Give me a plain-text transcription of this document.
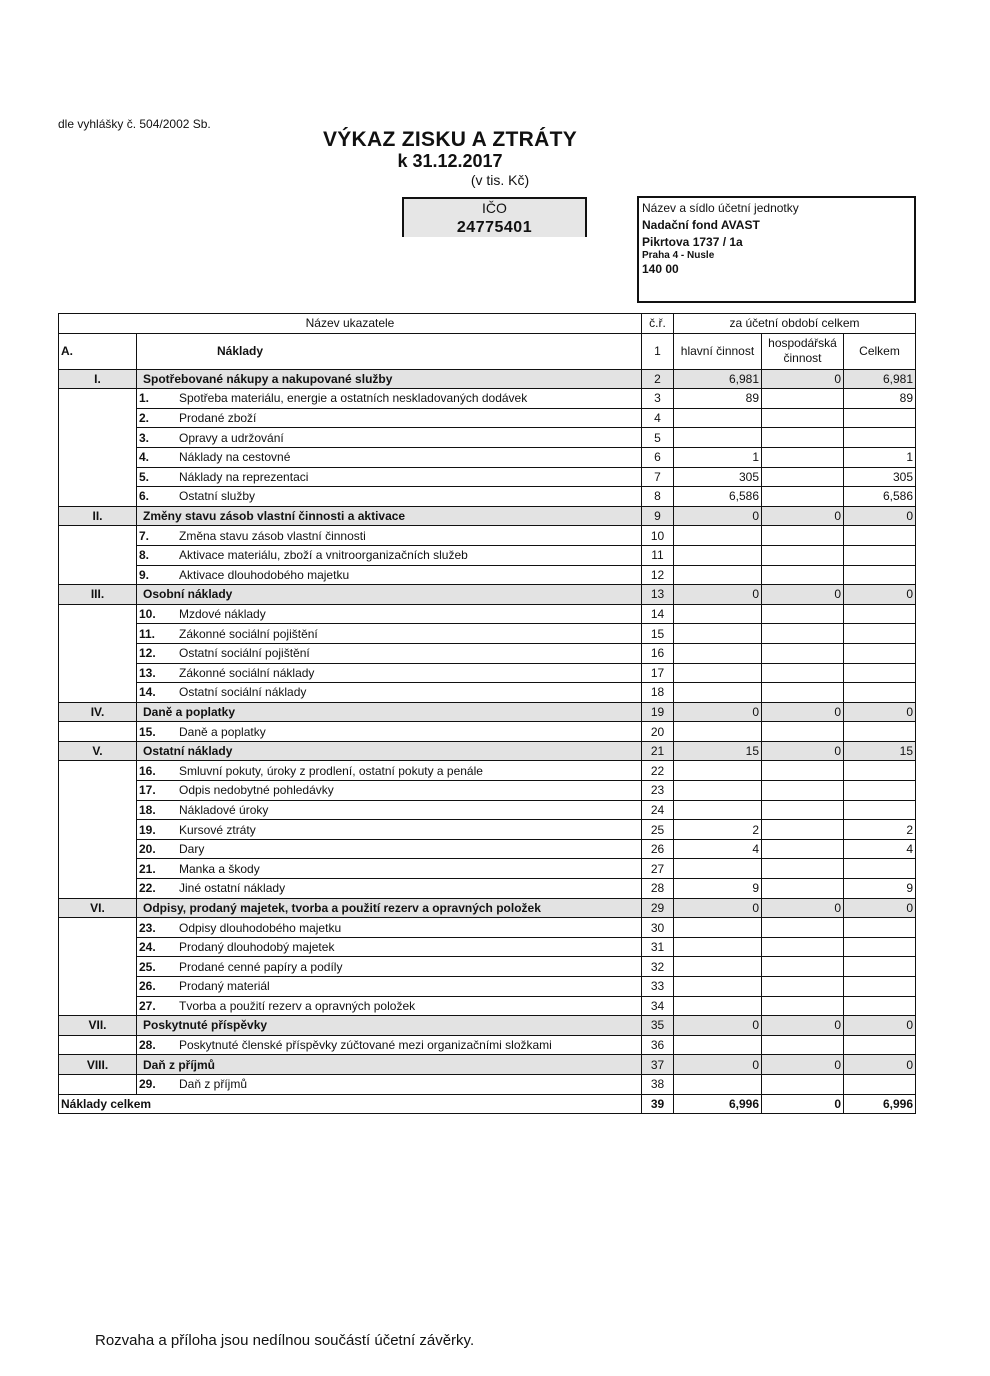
dle vyhlášky č. 504/2002 Sb.
VÝKAZ ZISKU A ZTRÁTY
k 31.12.2017
(v tis. Kč)
IČO
24775401
Název a sídlo účetní jednotky
Nadační fond AVAST
Pikrtova 1737 / 1a
Praha 4 - Nusle
140 00
Název ukazatele		č.ř.	za účetní období celkem		
A.	Náklady	1	hlavní činnost	hospodářská činnost	Celkem
I.	Spotřebované nákupy a nakupované služby	2	6,981	0	6,981
	1. Spotřeba materiálu, energie a ostatních neskladovaných dodávek	3	89		89
	2. Prodané zboží	4			
	3. Opravy a udržování	5			
	4. Náklady na cestovné	6	1		1
	5. Náklady na reprezentaci	7	305		305
	6. Ostatní služby	8	6,586		6,586
II.	Změny stavu zásob vlastní činnosti a aktivace	9	0	0	0
	7. Změna stavu zásob vlastní činnosti	10			
	8. Aktivace materiálu, zboží a vnitroorganizačních služeb	11			
	9. Aktivace dlouhodobého majetku	12			
III.	Osobní náklady	13	0	0	0
	10. Mzdové náklady	14			
	11. Zákonné sociální pojištění	15			
	12. Ostatní sociální pojištění	16			
	13. Zákonné sociální náklady	17			
	14. Ostatní sociální náklady	18			
IV.	Daně a poplatky	19	0	0	0
	15. Daně a poplatky	20			
V.	Ostatní náklady	21	15	0	15
	16. Smluvní pokuty, úroky z prodlení, ostatní pokuty a penále	22			
	17. Odpis nedobytné pohledávky	23			
	18. Nákladové úroky	24			
	19. Kursové ztráty	25	2		2
	20. Dary	26	4		4
	21. Manka a škody	27			
	22. Jiné ostatní náklady	28	9		9
VI.	Odpisy, prodaný majetek, tvorba a použití rezerv a opravných položek	29	0	0	0
	23. Odpisy dlouhodobého majetku	30			
	24. Prodaný dlouhodobý majetek	31			
	25. Prodané cenné papíry a podíly	32			
	26. Prodaný materiál	33			
	27. Tvorba a použití rezerv a opravných položek	34			
VII.	Poskytnuté příspěvky	35	0	0	0
	28. Poskytnuté členské příspěvky zúčtované mezi organizačními složkami	36			
VIII.	Daň z příjmů	37	0	0	0
	29. Daň z příjmů	38			
Náklady celkem		39	6,996	0	6,996
Rozvaha a příloha jsou nedílnou součástí účetní závěrky.
